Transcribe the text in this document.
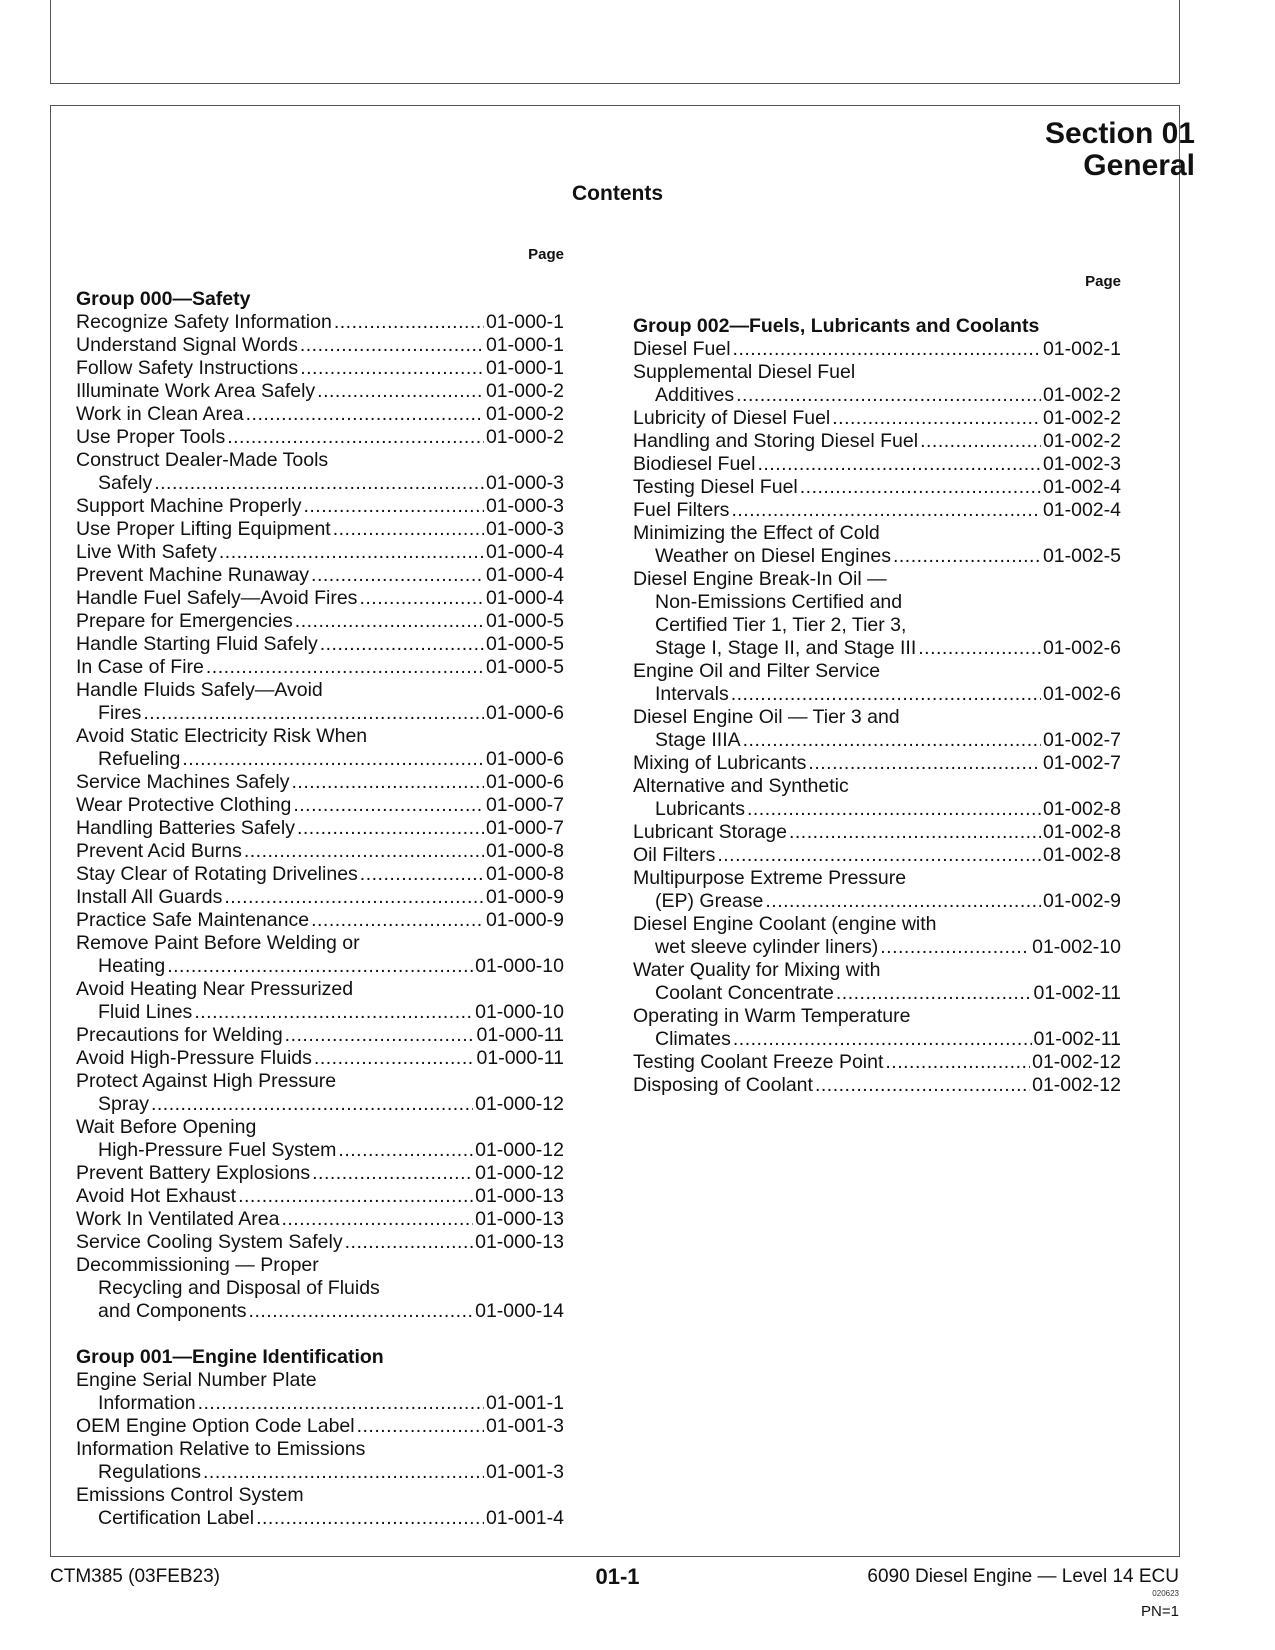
Section 01
General
Contents
Page
Group 000—Safety
Recognize Safety Information .....	01-000-1
Understand Signal Words .....	01-000-1
Follow Safety Instructions .....	01-000-1
Illuminate Work Area Safely .....	01-000-2
Work in Clean Area .....	01-000-2
Use Proper Tools .....	01-000-2
Construct Dealer-Made Tools
Safely .....	01-000-3
Support Machine Properly .....	01-000-3
Use Proper Lifting Equipment .....	01-000-3
Live With Safety .....	01-000-4
Prevent Machine Runaway .....	01-000-4
Handle Fuel Safely—Avoid Fires .....	01-000-4
Prepare for Emergencies .....	01-000-5
Handle Starting Fluid Safely .....	01-000-5
In Case of Fire .....	01-000-5
Handle Fluids Safely—Avoid
Fires .....	01-000-6
Avoid Static Electricity Risk When
Refueling .....	01-000-6
Service Machines Safely .....	01-000-6
Wear Protective Clothing .....	01-000-7
Handling Batteries Safely .....	01-000-7
Prevent Acid Burns .....	01-000-8
Stay Clear of Rotating Drivelines .....	01-000-8
Install All Guards .....	01-000-9
Practice Safe Maintenance .....	01-000-9
Remove Paint Before Welding or
Heating .....	01-000-10
Avoid Heating Near Pressurized
Fluid Lines .....	01-000-10
Precautions for Welding .....	01-000-11
Avoid High-Pressure Fluids .....	01-000-11
Protect Against High Pressure
Spray .....	01-000-12
Wait Before Opening
High-Pressure Fuel System .....	01-000-12
Prevent Battery Explosions .....	01-000-12
Avoid Hot Exhaust .....	01-000-13
Work In Ventilated Area .....	01-000-13
Service Cooling System Safely .....	01-000-13
Decommissioning — Proper
Recycling and Disposal of Fluids
and Components .....	01-000-14
Group 001—Engine Identification
Engine Serial Number Plate
Information .....	01-001-1
OEM Engine Option Code Label .....	01-001-3
Information Relative to Emissions
Regulations .....	01-001-3
Emissions Control System
Certification Label .....	01-001-4
Page
Group 002—Fuels, Lubricants and Coolants
Diesel Fuel .....	01-002-1
Supplemental Diesel Fuel
Additives .....	01-002-2
Lubricity of Diesel Fuel .....	01-002-2
Handling and Storing Diesel Fuel .....	01-002-2
Biodiesel Fuel .....	01-002-3
Testing Diesel Fuel .....	01-002-4
Fuel Filters .....	01-002-4
Minimizing the Effect of Cold
Weather on Diesel Engines .....	01-002-5
Diesel Engine Break-In Oil —
Non-Emissions Certified and
Certified Tier 1, Tier 2, Tier 3,
Stage I, Stage II, and Stage III .....	01-002-6
Engine Oil and Filter Service
Intervals .....	01-002-6
Diesel Engine Oil — Tier 3 and
Stage IIIA .....	01-002-7
Mixing of Lubricants .....	01-002-7
Alternative and Synthetic
Lubricants .....	01-002-8
Lubricant Storage .....	01-002-8
Oil Filters .....	01-002-8
Multipurpose Extreme Pressure
(EP) Grease .....	01-002-9
Diesel Engine Coolant (engine with
wet sleeve cylinder liners) .....	01-002-10
Water Quality for Mixing with
Coolant Concentrate .....	01-002-11
Operating in Warm Temperature
Climates .....	01-002-11
Testing Coolant Freeze Point .....	01-002-12
Disposing of Coolant .....	01-002-12
CTM385 (03FEB23)	01-1	6090 Diesel Engine — Level 14 ECU
020623
PN=1
